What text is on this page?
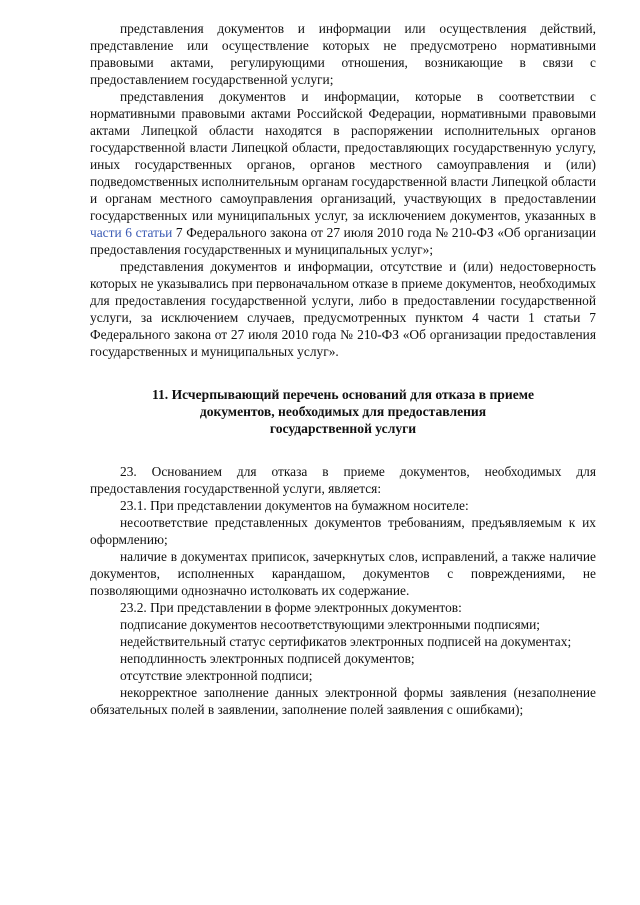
представления документов и информации или осуществления действий, представление или осуществление которых не предусмотрено нормативными правовыми актами, регулирующими отношения, возникающие в связи с предоставлением государственной услуги;

представления документов и информации, которые в соответствии с нормативными правовыми актами Российской Федерации, нормативными правовыми актами Липецкой области находятся в распоряжении исполнительных органов государственной власти Липецкой области, предоставляющих государственную услугу, иных государственных органов, органов местного самоуправления и (или) подведомственных исполнительным органам государственной власти Липецкой области и органам местного самоуправления организаций, участвующих в предоставлении государственных или муниципальных услуг, за исключением документов, указанных в части 6 статьи 7 Федерального закона от 27 июля 2010 года № 210-ФЗ «Об организации предоставления государственных и муниципальных услуг»;

представления документов и информации, отсутствие и (или) недостоверность которых не указывались при первоначальном отказе в приеме документов, необходимых для предоставления государственной услуги, либо в предоставлении государственной услуги, за исключением случаев, предусмотренных пунктом 4 части 1 статьи 7 Федерального закона от 27 июля 2010 года № 210-ФЗ «Об организации предоставления государственных и муниципальных услуг».

11. Исчерпывающий перечень оснований для отказа в приеме
документов, необходимых для предоставления
государственной услуги

23. Основанием для отказа в приеме документов, необходимых для предоставления государственной услуги, является:

23.1. При представлении документов на бумажном носителе:

несоответствие представленных документов требованиям, предъявляемым к их оформлению;

наличие в документах приписок, зачеркнутых слов, исправлений, а также наличие документов, исполненных карандашом, документов с повреждениями, не позволяющими однозначно истолковать их содержание.

23.2. При представлении в форме электронных документов:

подписание документов несоответствующими электронными подписями;

недействительный статус сертификатов электронных подписей на документах;

неподлинность электронных подписей документов;

отсутствие электронной подписи;

некорректное заполнение данных электронной формы заявления (незаполнение обязательных полей в заявлении, заполнение полей заявления с ошибками);
